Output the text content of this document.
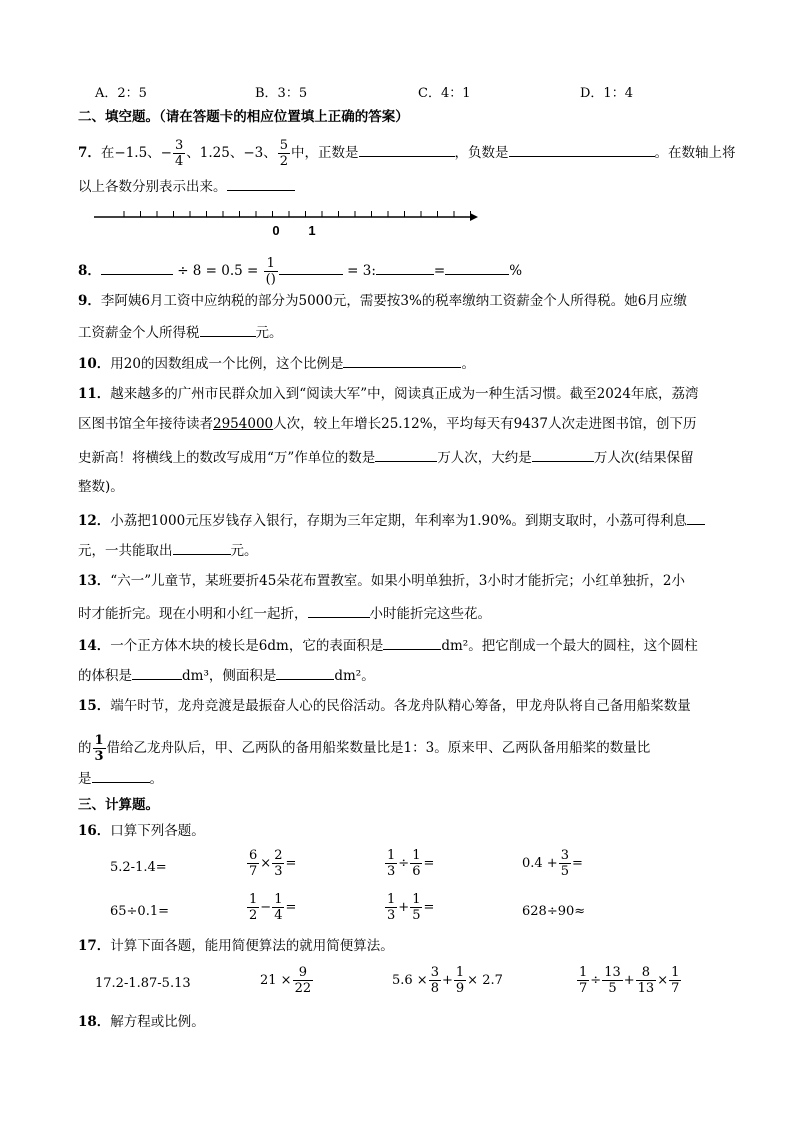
A．2：5	B．3：5	C．4：1	D．1：4
二、填空题。（请在答题卡的相应位置填上正确的答案）
7．在−1.5、− $\frac{3}{4}$ 、1.25、−3、 $\frac{5}{2}$ 中，正数是	，负数是	。在数轴上将
以上各数分别表示出来。
0 1
8．	÷ $8 = 0.5 = \frac{1}{()}$	= 3:	=	%
9．李阿姨6月工资中应纳税的部分为5000元，需要按3%的税率缴纳工资薪金个人所得税。她6月应缴
工资薪金个人所得税	元。
10．用20的因数组成一个比例，这个比例是	。
11．越来越多的广州市民群众加入到“阅读大军”中，阅读真正成为一种生活习惯。截至2024年底，荔湾
区图书馆全年接待读者2954000人次，较上年增长25.12%，平均每天有9437人次走进图书馆，创下历
史新高！将横线上的数改写成用“万”作单位的数是	万人次，大约是	万人次(结果保留
整数)。
12．小荔把1000元压岁钱存入银行，存期为三年定期，年利率为1.90%。到期支取时，小荔可得利息
元，一共能取出	元。
13．“六一”儿童节，某班要折45朵花布置教室。如果小明单独折，3小时才能折完；小红单独折，2小
时才能折完。现在小明和小红一起折，	小时能折完这些花。
14．一个正方体木块的棱长是6dm，它的表面积是	dm²。把它削成一个最大的圆柱，这个圆柱
的体积是	dm³，侧面积是	dm²。
15．端午时节，龙舟竞渡是最振奋人心的民俗活动。各龙舟队精心筹备，甲龙舟队将自己备用船桨数量
的 $\frac{1}{3}$ 借给乙龙舟队后，甲、乙两队的备用船桨数量比是1：3。原来甲、乙两队备用船桨的数量比
是	。
三、计算题。
16．口算下列各题。
5.2-1.4=	$\frac{6}{7} \times \frac{2}{3}$ =	$\frac{1}{3} \div \frac{1}{6}$ =	$0.4 + \frac{3}{5}$ =
65÷0.1=	$\frac{1}{2} - \frac{1}{4}$ =	$\frac{1}{3} + \frac{1}{5}$ =	628÷90≈
17．计算下面各题，能用简便算法的就用简便算法。
17.2-1.87-5.13	$21 \times \frac{9}{22}$	$5.6 \times \frac{3}{8} + \frac{1}{9} \times 2.7$	$\frac{1}{7} \div \frac{13}{5} + \frac{8}{13} \times \frac{1}{7}$
18．解方程或比例。
